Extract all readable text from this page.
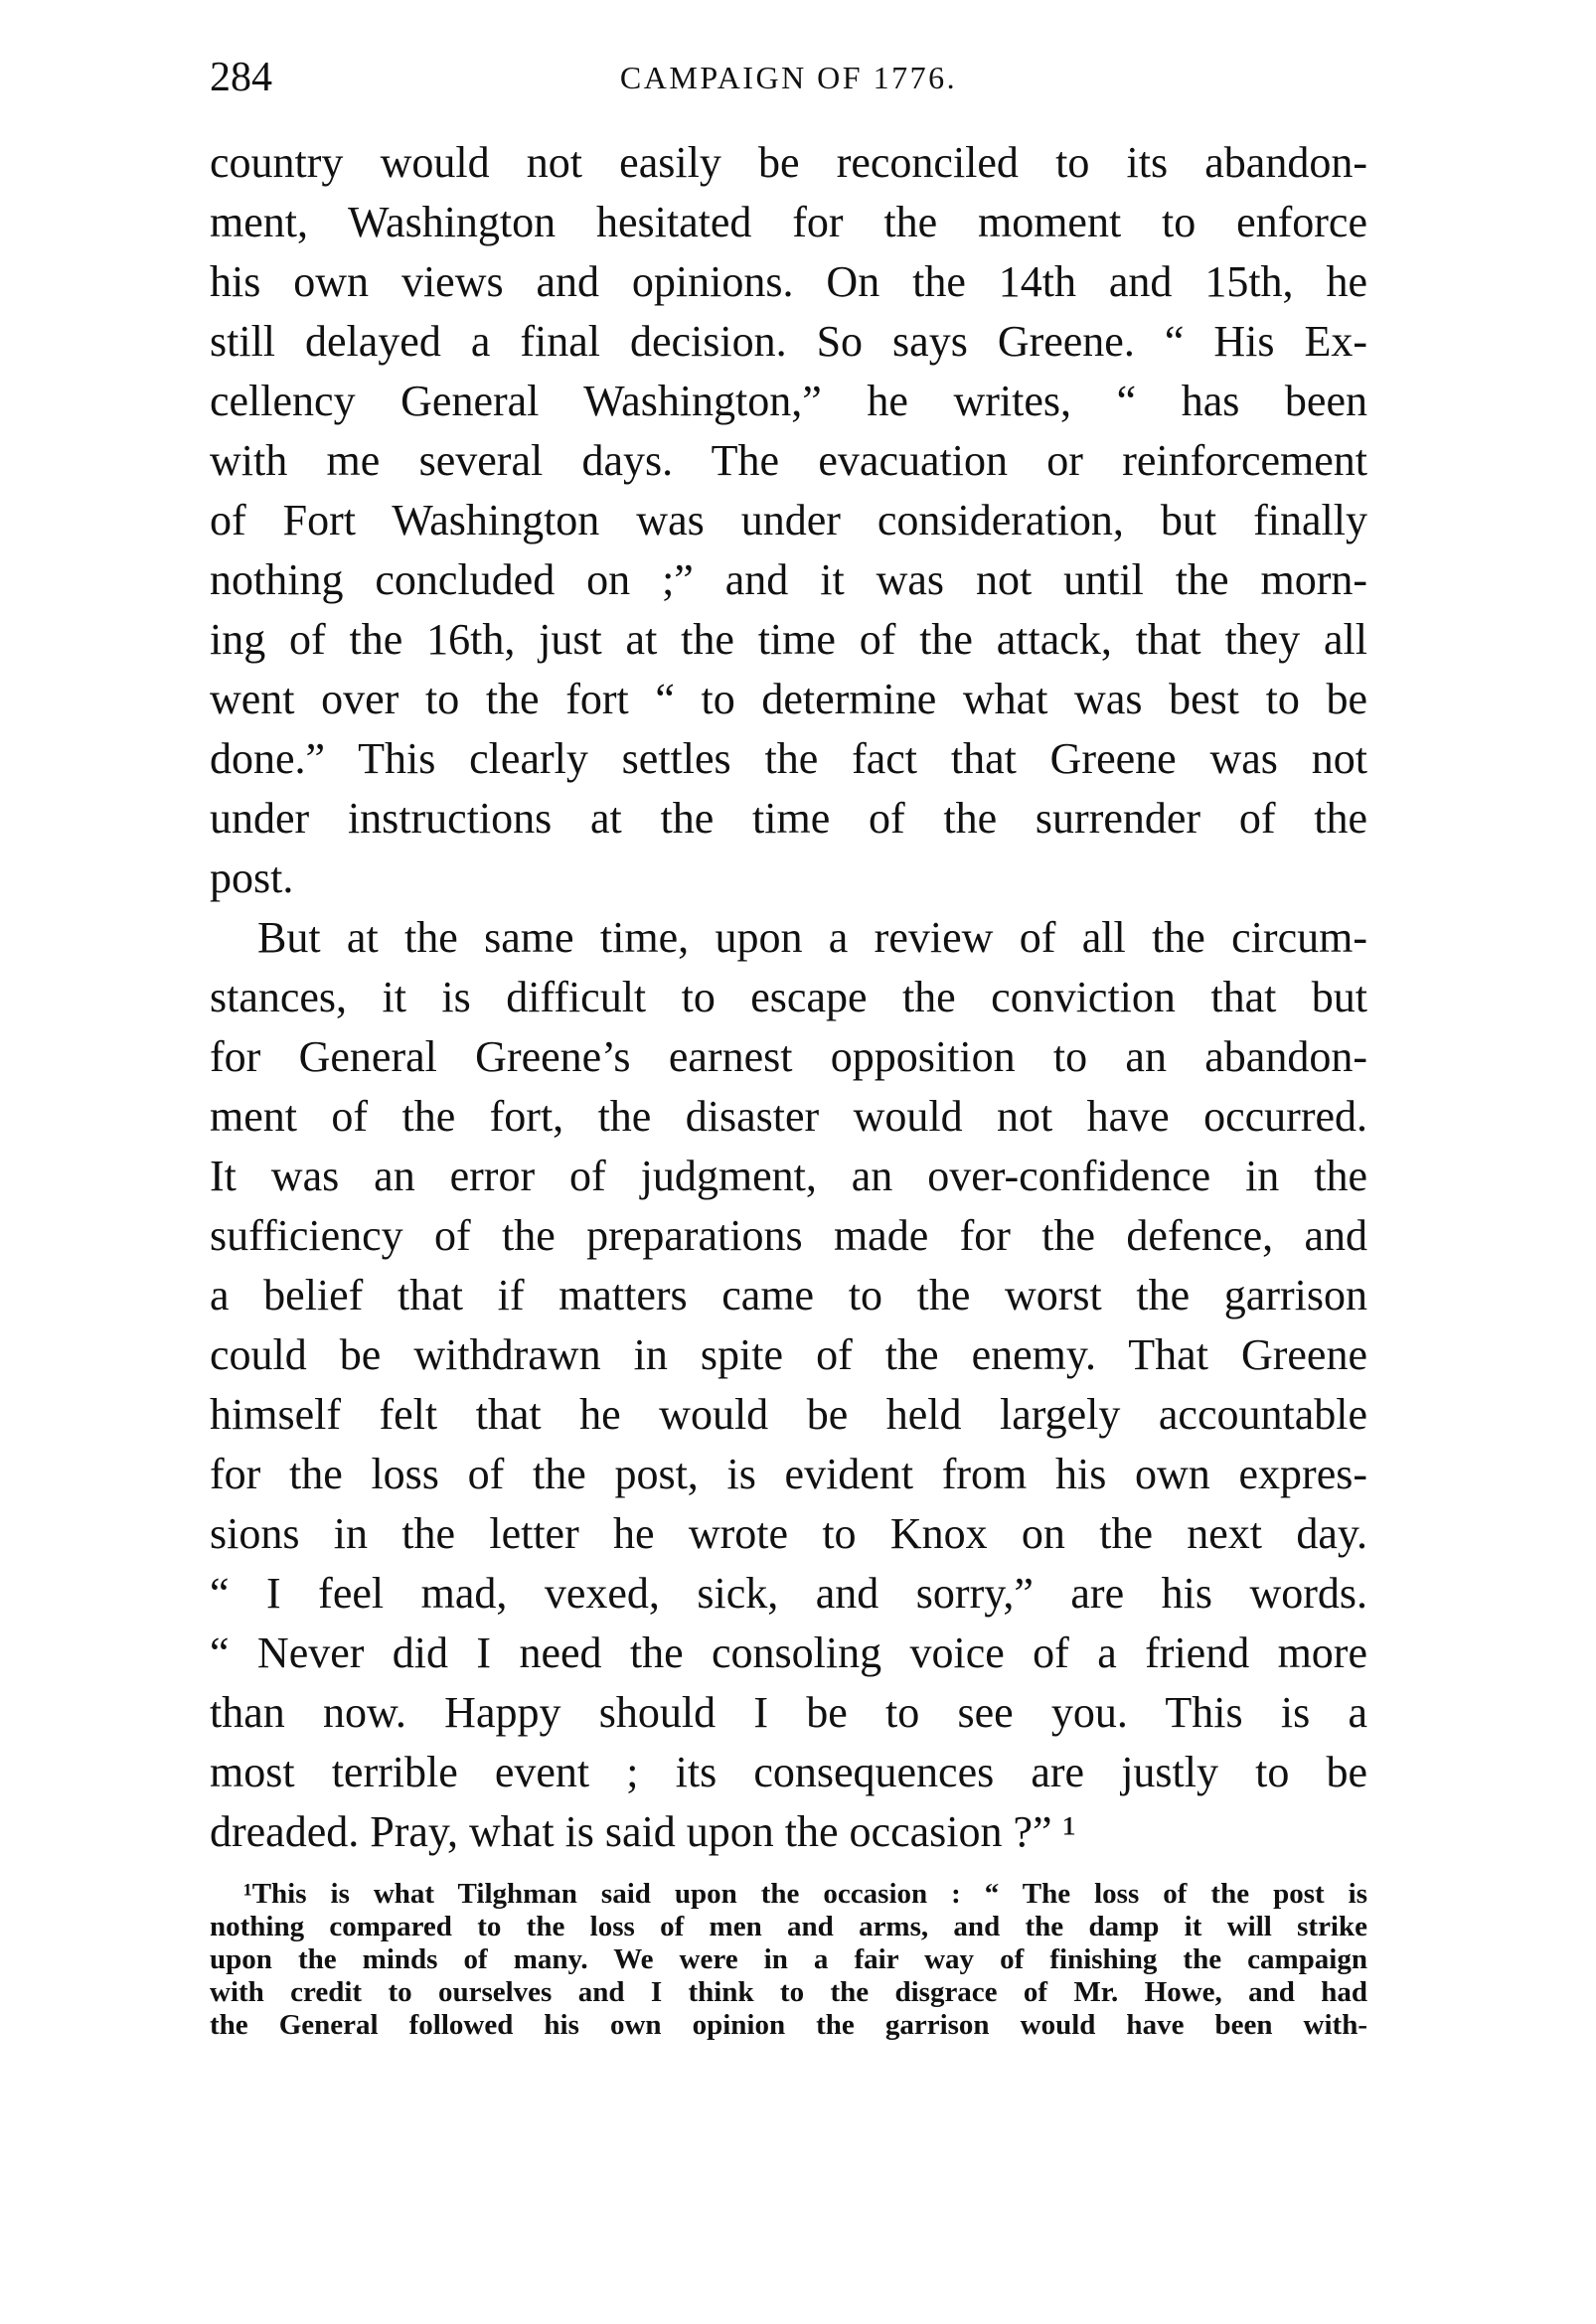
284	CAMPAIGN OF 1776.
country would not easily be reconciled to its abandon-
ment, Washington hesitated for the moment to enforce
his own views and opinions. On the 14th and 15th, he
still delayed a final decision. So says Greene. “ His Ex-
cellency General Washington,” he writes, “ has been
with me several days. The evacuation or reinforcement
of Fort Washington was under consideration, but finally
nothing concluded on ;” and it was not until the morn-
ing of the 16th, just at the time of the attack, that they all
went over to the fort “ to determine what was best to be
done.” This clearly settles the fact that Greene was not
under instructions at the time of the surrender of the
post.
But at the same time, upon a review of all the circum-
stances, it is difficult to escape the conviction that but
for General Greene’s earnest opposition to an abandon-
ment of the fort, the disaster would not have occurred.
It was an error of judgment, an over-confidence in the
sufficiency of the preparations made for the defence, and
a belief that if matters came to the worst the garrison
could be withdrawn in spite of the enemy. That Greene
himself felt that he would be held largely accountable
for the loss of the post, is evident from his own expres-
sions in the letter he wrote to Knox on the next day.
“ I feel mad, vexed, sick, and sorry,” are his words.
“ Never did I need the consoling voice of a friend more
than now. Happy should I be to see you. This is a
most terrible event ; its consequences are justly to be
dreaded. Pray, what is said upon the occasion ?” ¹
¹This is what Tilghman said upon the occasion : “ The loss of the post is
nothing compared to the loss of men and arms, and the damp it will strike
upon the minds of many. We were in a fair way of finishing the campaign
with credit to ourselves and I think to the disgrace of Mr. Howe, and had
the General followed his own opinion the garrison would have been with-
